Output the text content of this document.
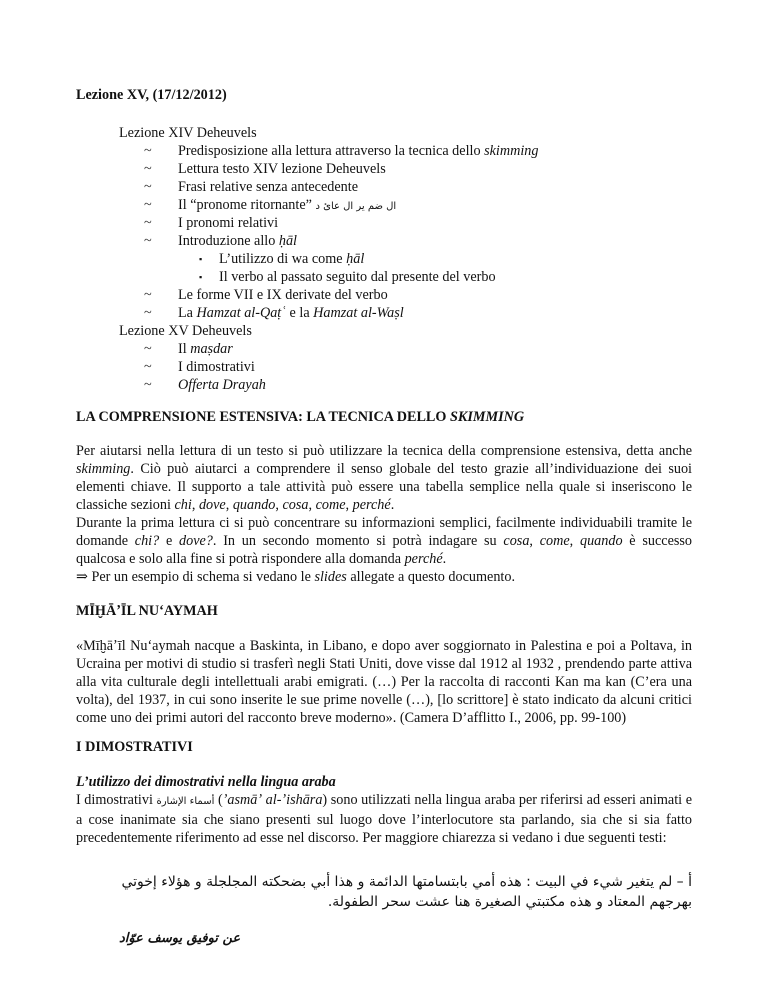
Lezione XV, (17/12/2012)
Lezione XIV Deheuvels
~ Predisposizione alla lettura attraverso la tecnica dello skimming
~ Lettura testo XIV lezione Deheuvels
~ Frasi relative senza antecedente
~ Il “pronome ritornante” ال ضم ير ال عائ د
~ I pronomi relativi
~ Introduzione allo ḥāl
▪ L’utilizzo di wa come ḥāl
▪ Il verbo al passato seguito dal presente del verbo
~ Le forme VII e IX derivate del verbo
~ La Hamzat al-Qaṭʿ e la Hamzat al-Waṣl
Lezione XV Deheuvels
~ Il maṣdar
~ I dimostrativi
~ Offerta Drayah
LA COMPRENSIONE ESTENSIVA: LA TECNICA DELLO SKIMMING
Per aiutarsi nella lettura di un testo si può utilizzare la tecnica della comprensione estensiva, detta anche skimming. Ciò può aiutarci a comprendere il senso globale del testo grazie all’individuazione dei suoi elementi chiave. Il supporto a tale attività può essere una tabella semplice nella quale si inseriscono le classiche sezioni chi, dove, quando, cosa, come, perché.
Durante la prima lettura ci si può concentrare su informazioni semplici, facilmente individuabili tramite le domande chi? e dove?. In un secondo momento si potrà indagare su cosa, come, quando è successo qualcosa e solo alla fine si potrà rispondere alla domanda perché.
⇒ Per un esempio di schema si vedano le slides allegate a questo documento.
MĪḪĀʼĪL NUʻAYMAH
«Mīḫāʼīl Nuʻaymah nacque a Baskinta, in Libano, e dopo aver soggiornato in Palestina e poi a Poltava, in Ucraina per motivi di studio si trasferì negli Stati Uniti, dove visse dal 1912 al 1932 , prendendo parte attiva alla vita culturale degli intellettuali arabi emigrati. (…) Per la raccolta di racconti Kan ma kan (C’era una volta), del 1937, in cui sono inserite le sue prime novelle (…), [lo scrittore] è stato indicato da alcuni critici come uno dei primi autori del racconto breve moderno». (Camera D’afflitto I., 2006, pp. 99-100)
I DIMOSTRATIVI
L’utilizzo dei dimostrativi nella lingua araba
I dimostrativi أسماء الإشارة (ʼasmāʼ al-ʼishāra) sono utilizzati nella lingua araba per riferirsi ad esseri animati e a cose inanimate sia che siano presenti sul luogo dove l’interlocutore sta parlando, sia che si sia fatto precedentemente riferimento ad esse nel discorso. Per maggiore chiarezza si vedano i due seguenti testi:
أ – لم يتغير شيء في البيت : هذه أمي بابتسامتها الدائمة و هذا أبي بضحكته المجلجلة و هؤلاء إخوتي
بهرجهم المعتاد و هذه مكتبتي الصغيرة هنا عشت سحر الطفولة.
عن توفيق يوسف عوّاد
